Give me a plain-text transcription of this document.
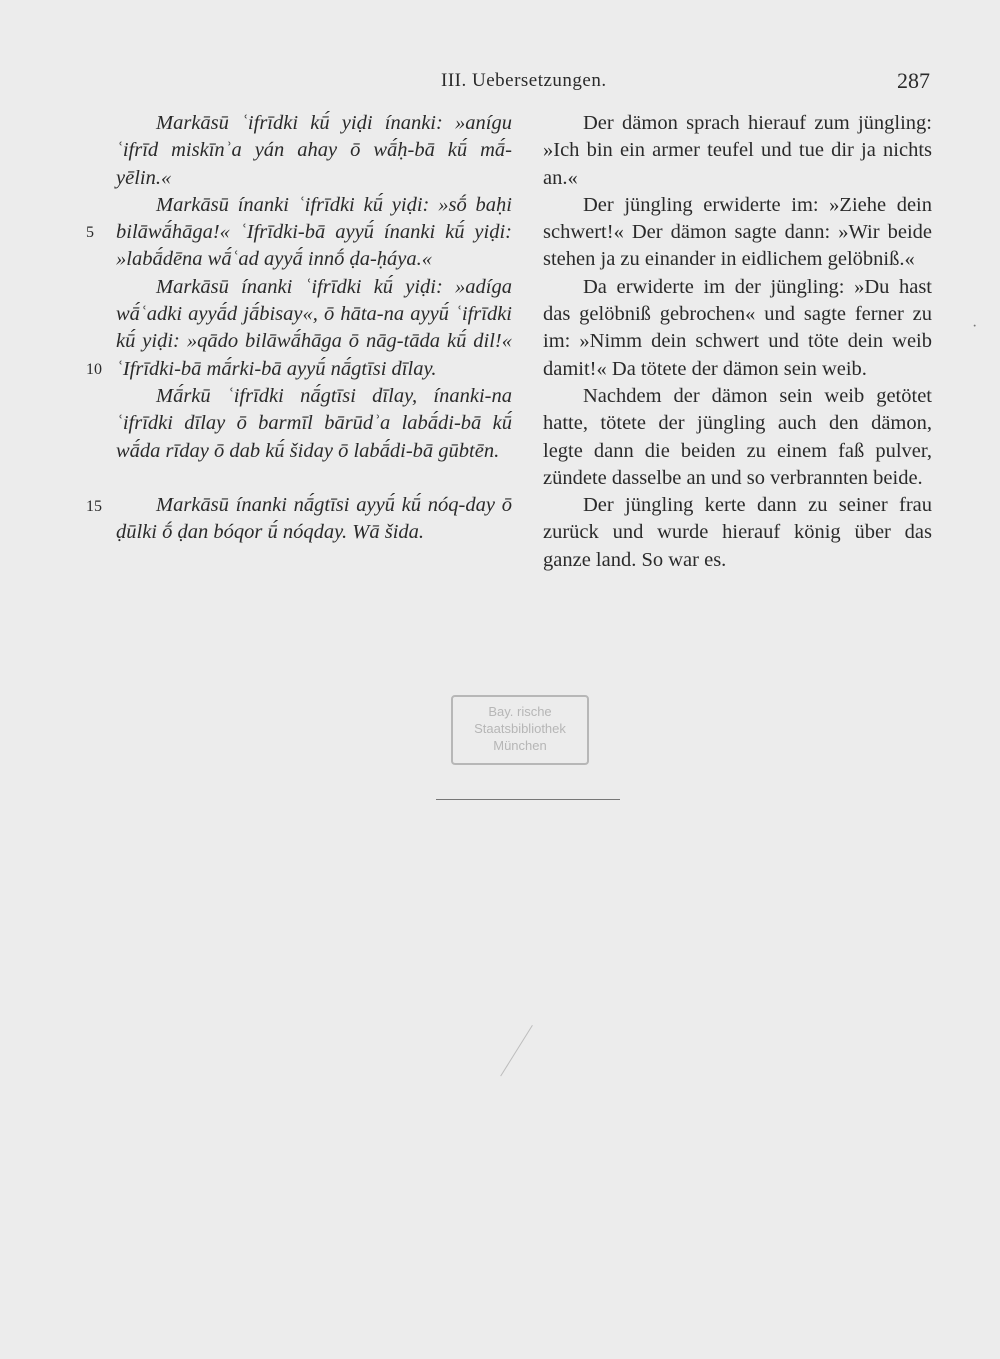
III. Uebersetzungen.	287
5
10
15

Markāsū ʿifrīdki kū́ yiḍi ínanki: »anígu ʿifrīd miskīnʾa yán ahay ō wā́ḥ-bā kū́ mā́-yēlin.«

Markāsū ínanki ʿifrīdki kū́ yiḍi: »sṓ baḥi bilāwā́hāga!« ʿIfrīdki-bā ayyū́ ínanki kū́ yiḍi: »labā́dēna wā́ʿad ayyā́ innṓ ḍa-ḥáya.«

Markāsū ínanki ʿifrīdki kū́ yiḍi: »adíga wā́ʿadki ayyā́d jā́bisay«, ō hāta-na ayyū́ ʿifrīdki kū́ yiḍi: »qādo bilāwā́hāga ō nāg-tāda kū́ dil!« ʿIfrīdki-bā mā́rki-bā ayyū́ nā́gtīsi dīlay.

Mā́rkū ʿifrīdki nā́gtīsi dīlay, ínanki-na ʿifrīdki dīlay ō barmīl bārūdʾa labā́di-bā kū́ wā́da rīday ō dab kū́ šiday ō labā́di-bā gūbtēn.

Markāsū ínanki nā́gtīsi ayyū́ kū́ nóq-day ō ḍūlki ṓ ḍan bóqor ū́ nóqday. Wā šida.

Der dämon sprach hierauf zum jüngling: »Ich bin ein armer teufel und tue dir ja nichts an.«

Der jüngling erwiderte im: »Ziehe dein schwert!« Der dämon sagte dann: »Wir beide stehen ja zu einander in eidlichem gelöbniß.«

Da erwiderte im der jüngling: »Du hast das gelöbniß gebrochen« und sagte ferner zu im: »Nimm dein schwert und töte dein weib damit!« Da tötete der dämon sein weib.

Nachdem der dämon sein weib getötet hatte, tötete der jüngling auch den dämon, legte dann die beiden zu einem faß pulver, zündete dasselbe an und so verbrannten beide.

Der jüngling kerte dann zu seiner frau zurück und wurde hierauf könig über das ganze land. So war es.

Bay. rische
Staatsbibliothek
München
·
